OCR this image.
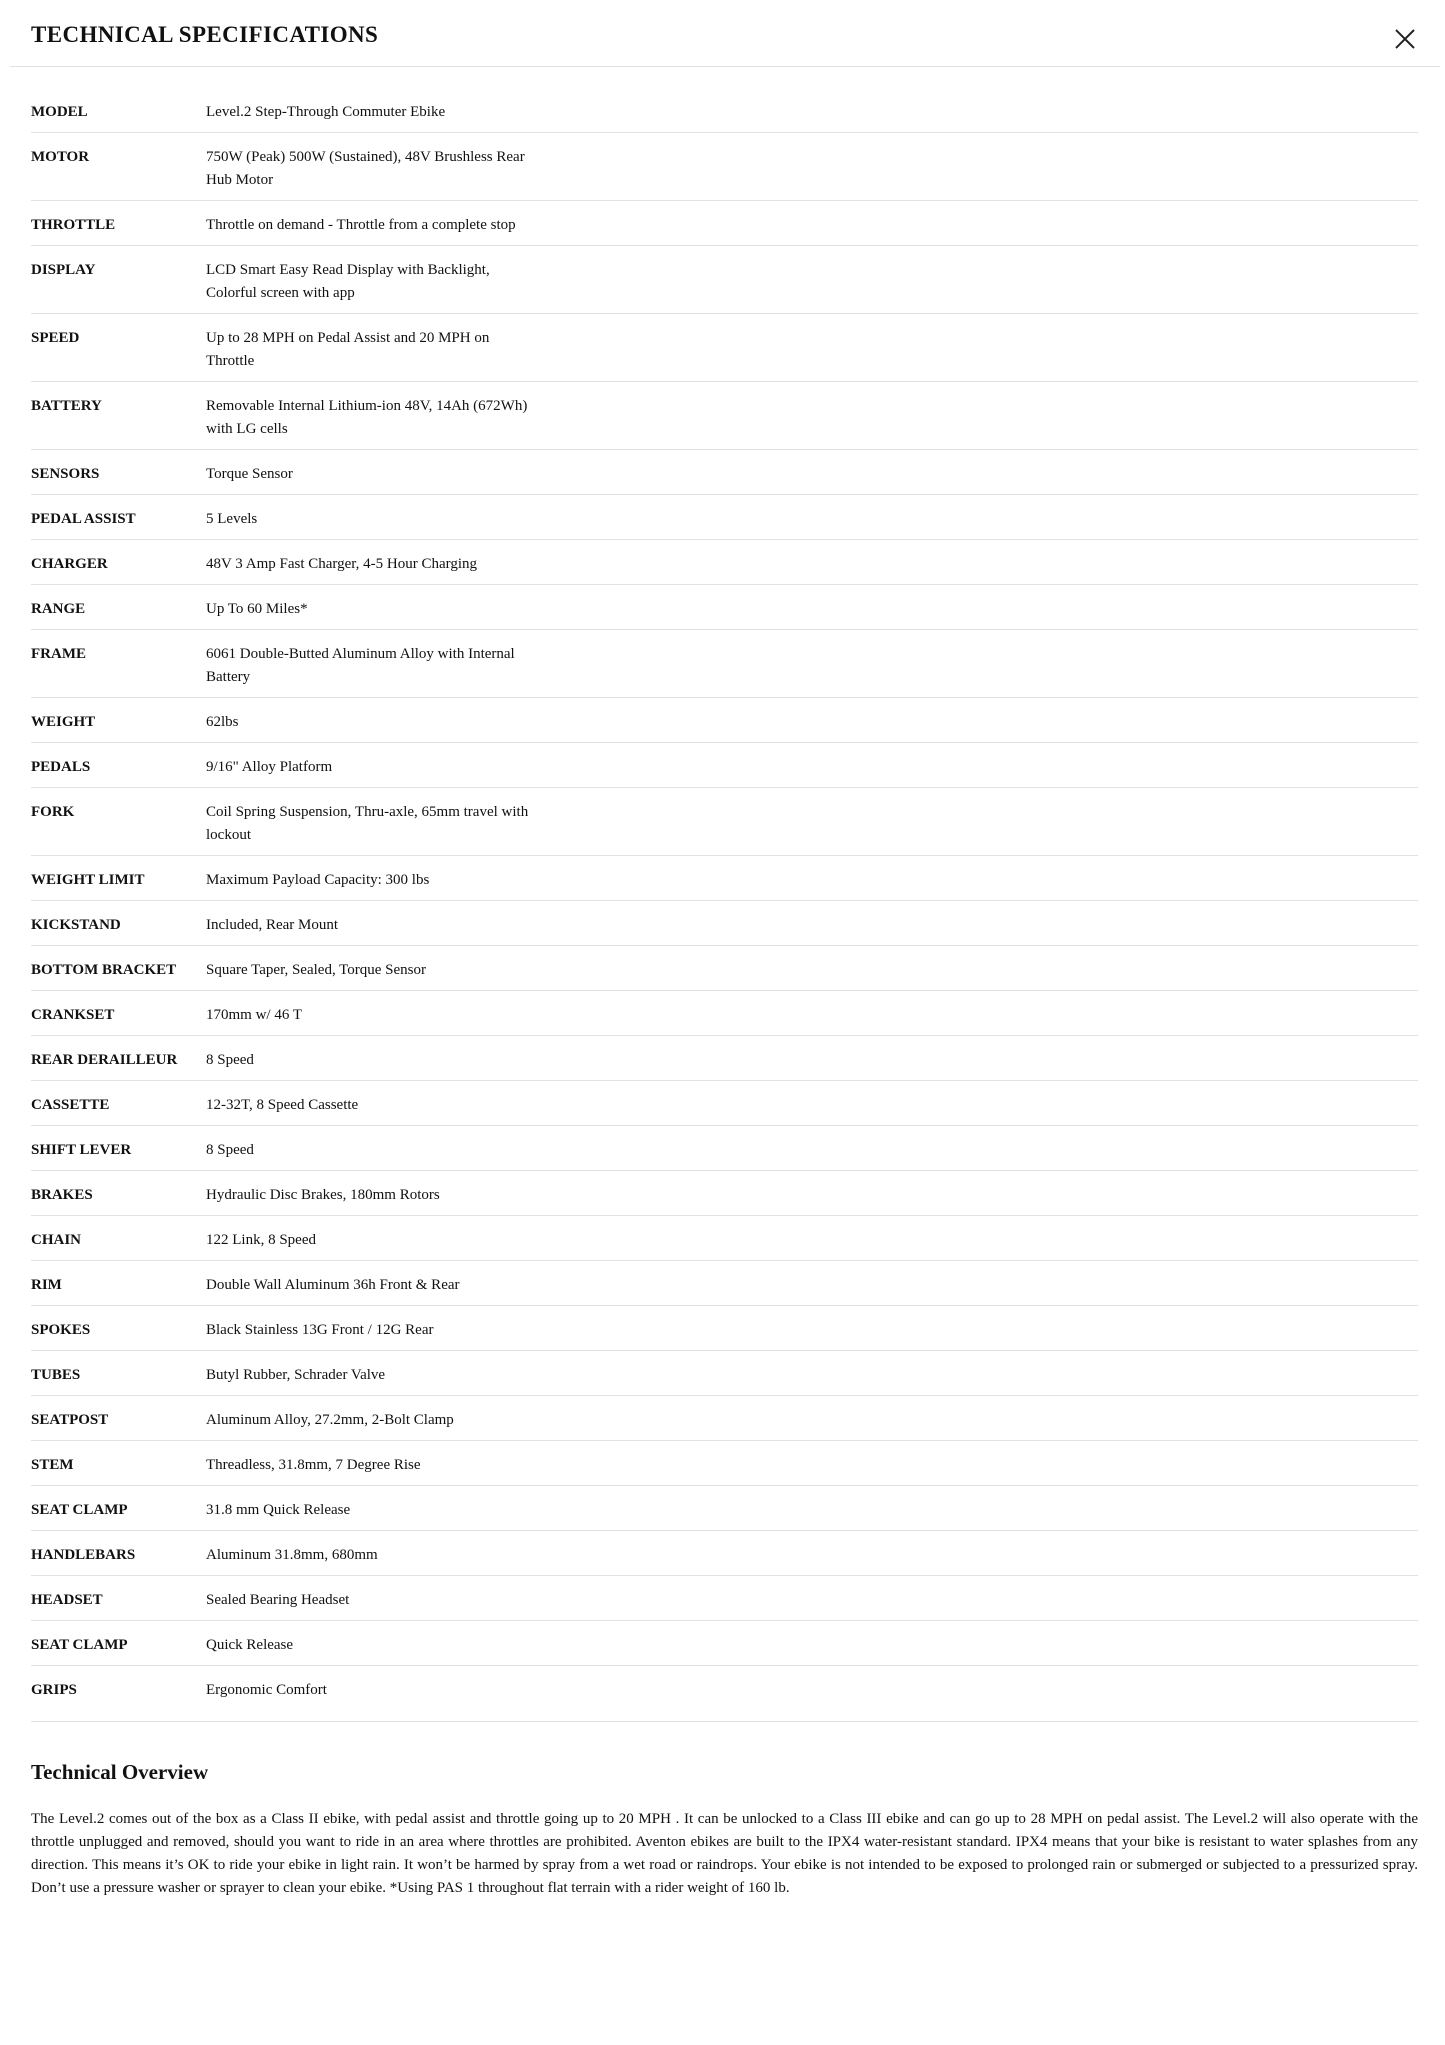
TECHNICAL SPECIFICATIONS
MODEL	Level.2 Step-Through Commuter Ebike
MOTOR	750W (Peak) 500W (Sustained), 48V Brushless Rear Hub Motor
THROTTLE	Throttle on demand - Throttle from a complete stop
DISPLAY	LCD Smart Easy Read Display with Backlight, Colorful screen with app
SPEED	Up to 28 MPH on Pedal Assist and 20 MPH on Throttle
BATTERY	Removable Internal Lithium-ion 48V, 14Ah (672Wh) with LG cells
SENSORS	Torque Sensor
PEDAL ASSIST	5 Levels
CHARGER	48V 3 Amp Fast Charger, 4-5 Hour Charging
RANGE	Up To 60 Miles*
FRAME	6061 Double-Butted Aluminum Alloy with Internal Battery
WEIGHT	62lbs
PEDALS	9/16" Alloy Platform
FORK	Coil Spring Suspension, Thru-axle, 65mm travel with lockout
WEIGHT LIMIT	Maximum Payload Capacity: 300 lbs
KICKSTAND	Included, Rear Mount
BOTTOM BRACKET	Square Taper, Sealed, Torque Sensor
CRANKSET	170mm w/ 46 T
REAR DERAILLEUR	8 Speed
CASSETTE	12-32T, 8 Speed Cassette
SHIFT LEVER	8 Speed
BRAKES	Hydraulic Disc Brakes, 180mm Rotors
CHAIN	122 Link, 8 Speed
RIM	Double Wall Aluminum 36h Front & Rear
SPOKES	Black Stainless 13G Front / 12G Rear
TUBES	Butyl Rubber, Schrader Valve
SEATPOST	Aluminum Alloy, 27.2mm, 2-Bolt Clamp
STEM	Threadless, 31.8mm, 7 Degree Rise
SEAT CLAMP	31.8 mm Quick Release
HANDLEBARS	Aluminum 31.8mm, 680mm
HEADSET	Sealed Bearing Headset
SEAT CLAMP	Quick Release
GRIPS	Ergonomic Comfort
Technical Overview

The Level.2 comes out of the box as a Class II ebike, with pedal assist and throttle going up to 20 MPH . It can be unlocked to a Class III ebike and can go up to 28 MPH on pedal assist. The Level.2 will also operate with the throttle unplugged and removed, should you want to ride in an area where throttles are prohibited. Aventon ebikes are built to the IPX4 water-resistant standard. IPX4 means that your bike is resistant to water splashes from any direction. This means it’s OK to ride your ebike in light rain. It won’t be harmed by spray from a wet road or raindrops. Your ebike is not intended to be exposed to prolonged rain or submerged or subjected to a pressurized spray. Don’t use a pressure washer or sprayer to clean your ebike. *Using PAS 1 throughout flat terrain with a rider weight of 160 lb.
